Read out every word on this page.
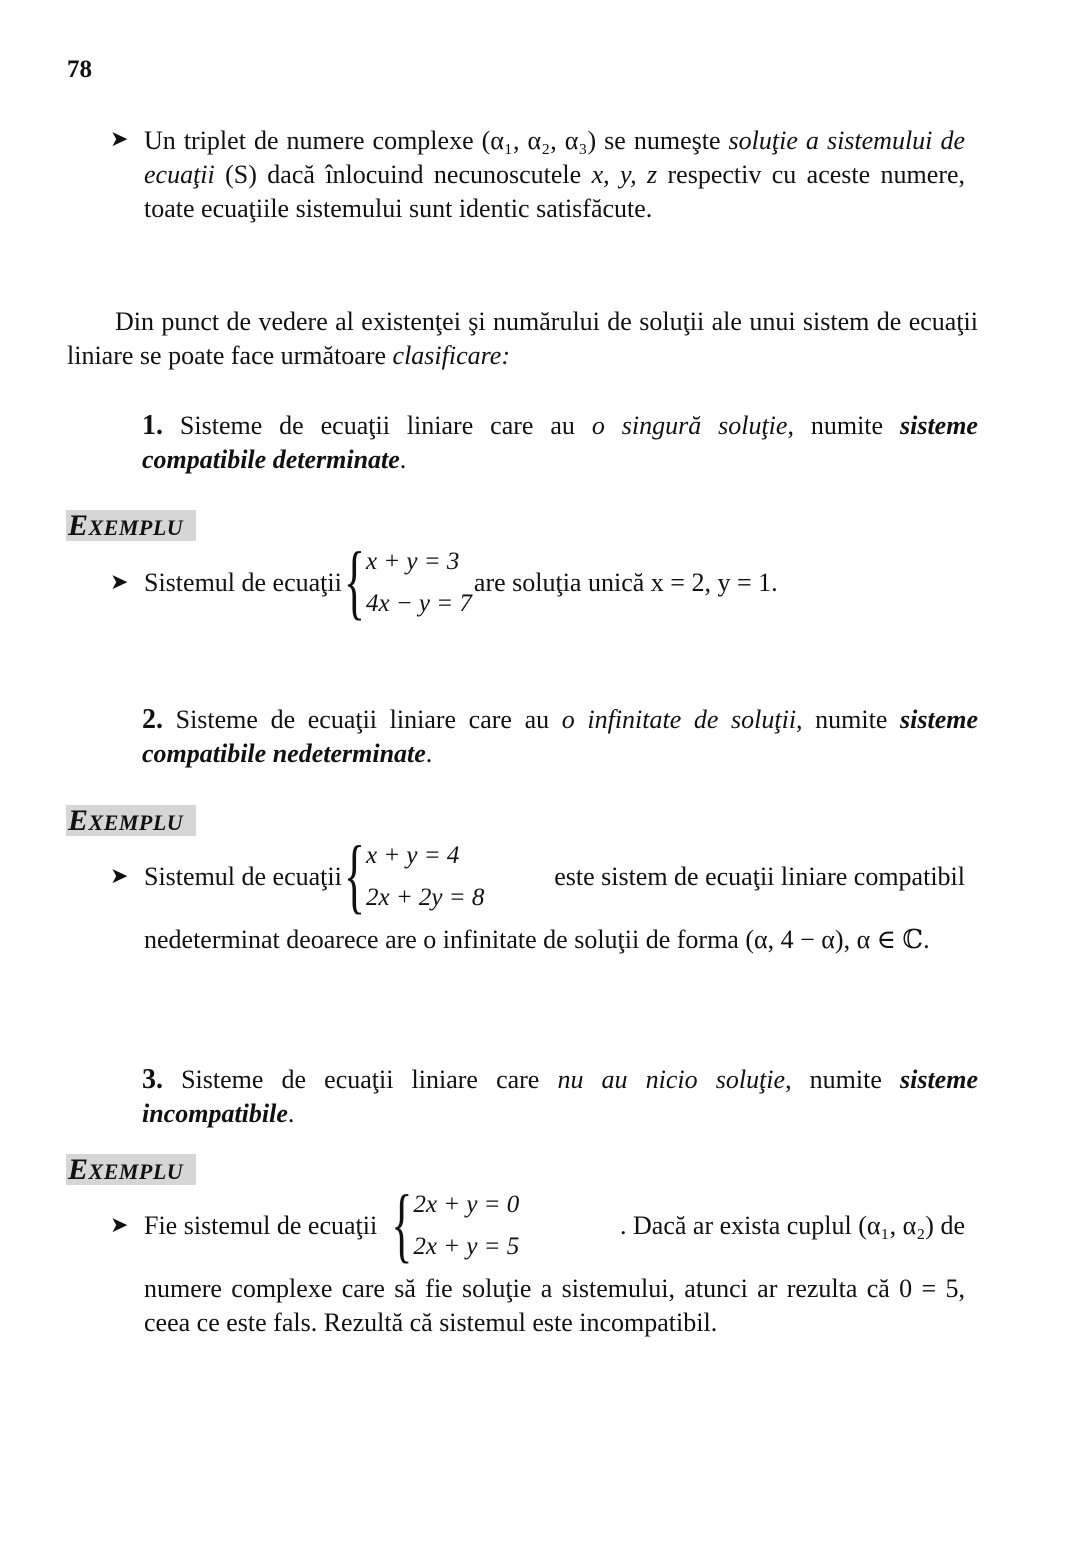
78
➤ Un triplet de numere complexe (α₁, α₂, α₃) se numeşte soluţie a sistemului de ecuaţii (S) dacă înlocuind necunoscutele x, y, z respectiv cu aceste numere, toate ecuaţiile sistemului sunt identic satisfăcute.
Din punct de vedere al existenţei şi numărului de soluţii ale unui sistem de ecuaţii liniare se poate face următoare clasificare:
1. Sisteme de ecuaţii liniare care au o singură soluţie, numite sisteme compatibile determinate.
EXEMPLU
➤ Sistemul de ecuaţii { x + y = 3
4x − y = 7
are soluţia unică x = 2, y = 1.
2. Sisteme de ecuaţii liniare care au o infinitate de soluţii, numite sisteme compatibile nedeterminate.
EXEMPLU
➤ Sistemul de ecuaţii { x + y = 4
2x + 2y = 8
este sistem de ecuaţii liniare compatibil
nedeterminat deoarece are o infinitate de soluţii de forma (α, 4 − α), α ∈ ℂ.
3. Sisteme de ecuaţii liniare care nu au nicio soluţie, numite sisteme incompatibile.
EXEMPLU
➤ Fie sistemul de ecuaţii { 2x + y = 0
2x + y = 5
. Dacă ar exista cuplul (α₁, α₂) de
numere complexe care să fie soluţie a sistemului, atunci ar rezulta că 0 = 5, ceea ce este fals. Rezultă că sistemul este incompatibil.
